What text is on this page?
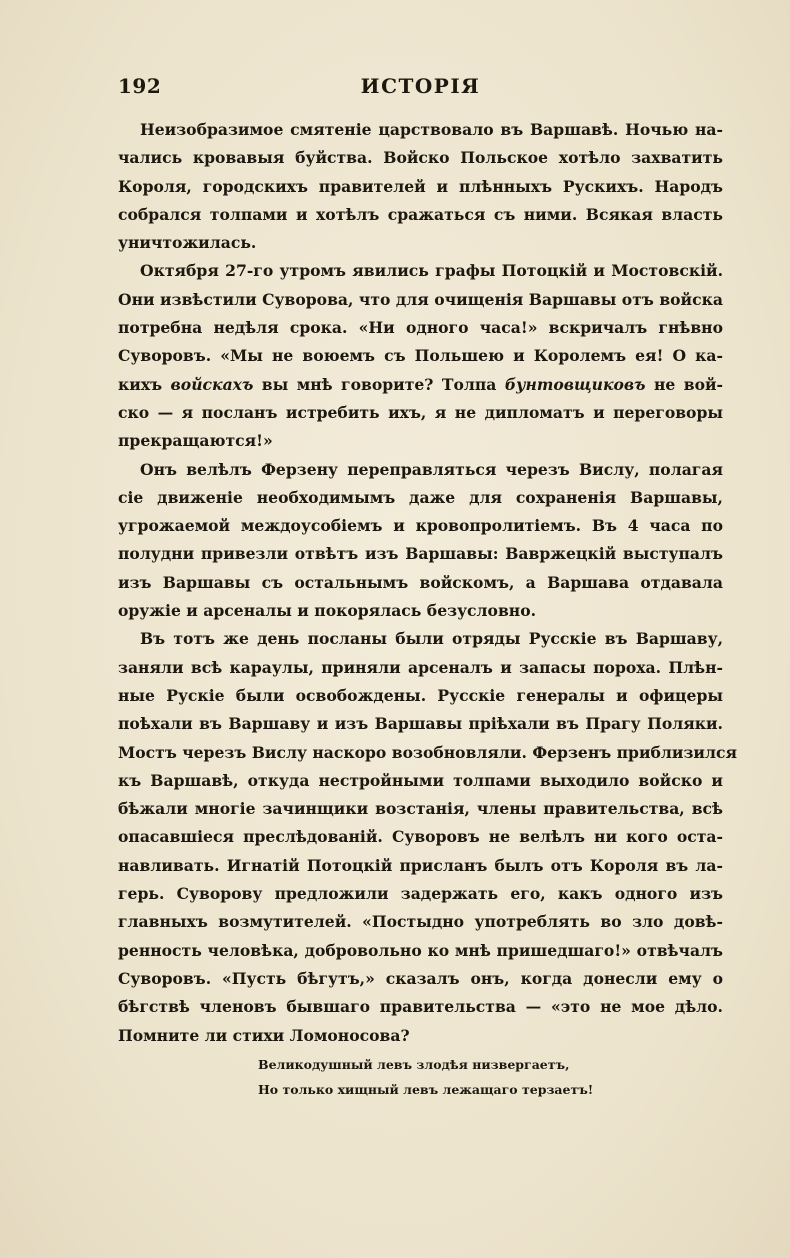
192	ИСТОРІЯ
Неизобразимое смятеніе царствовало въ Варшавѣ. Ночью на-
чались кровавыя буйства. Войско Польское хотѣло захватить
Короля, городскихъ правителей и плѣнныхъ Рускихъ. Народъ
собрался толпами и хотѣлъ сражаться съ ними. Всякая власть
уничтожилась.
Октября 27-го утромъ явились графы Потоцкій и Мостовскій.
Они извѣстили Суворова, что для очищенія Варшавы отъ войска
потребна недѣля срока. «Ни одного часа!» вскричалъ гнѣвно
Суворовъ. «Мы не воюемъ съ Польшею и Королемъ ея! О ка-
кихъ войскахъ вы мнѣ говорите? Толпа бунтовщиковъ не вой-
ско — я посланъ истребить ихъ, я не дипломатъ и переговоры
прекращаются!»
Онъ велѣлъ Ферзену переправляться черезъ Вислу, полагая
сіе движеніе необходимымъ даже для сохраненія Варшавы,
угрожаемой междоусобіемъ и кровопролитіемъ. Въ 4 часа по
полудни привезли отвѣтъ изъ Варшавы: Вавржецкій выступалъ
изъ Варшавы съ остальнымъ войскомъ, а Варшава отдавала
оружіе и арсеналы и покорялась безусловно.
Въ тотъ же день посланы были отряды Русскіе въ Варшаву,
заняли всѣ караулы, приняли арсеналъ и запасы пороха. Плѣн-
ные Рускіе были освобождены. Русскіе генералы и офицеры
поѣхали въ Варшаву и изъ Варшавы пріѣхали въ Прагу Поляки.
Мостъ черезъ Вислу наскоро возобновляли. Ферзенъ приблизился
къ Варшавѣ, откуда нестройными толпами выходило войско и
бѣжали многіе зачинщики возстанія, члены правительства, всѣ
опасавшіеся преслѣдованій. Суворовъ не велѣлъ ни кого оста-
навливать. Игнатій Потоцкій присланъ былъ отъ Короля въ ла-
герь. Суворову предложили задержать его, какъ одного изъ
главныхъ возмутителей. «Постыдно употреблять во зло довѣ-
ренность человѣка, добровольно ко мнѣ пришедшаго!» отвѣчалъ
Суворовъ. «Пусть бѣгутъ,» сказалъ онъ, когда донесли ему о
бѣгствѣ членовъ бывшаго правительства — «это не мое дѣло.
Помните ли стихи Ломоносова?
Великодушный левъ злодѣя низвергаетъ,
Но только хищный левъ лежащаго терзаетъ!
